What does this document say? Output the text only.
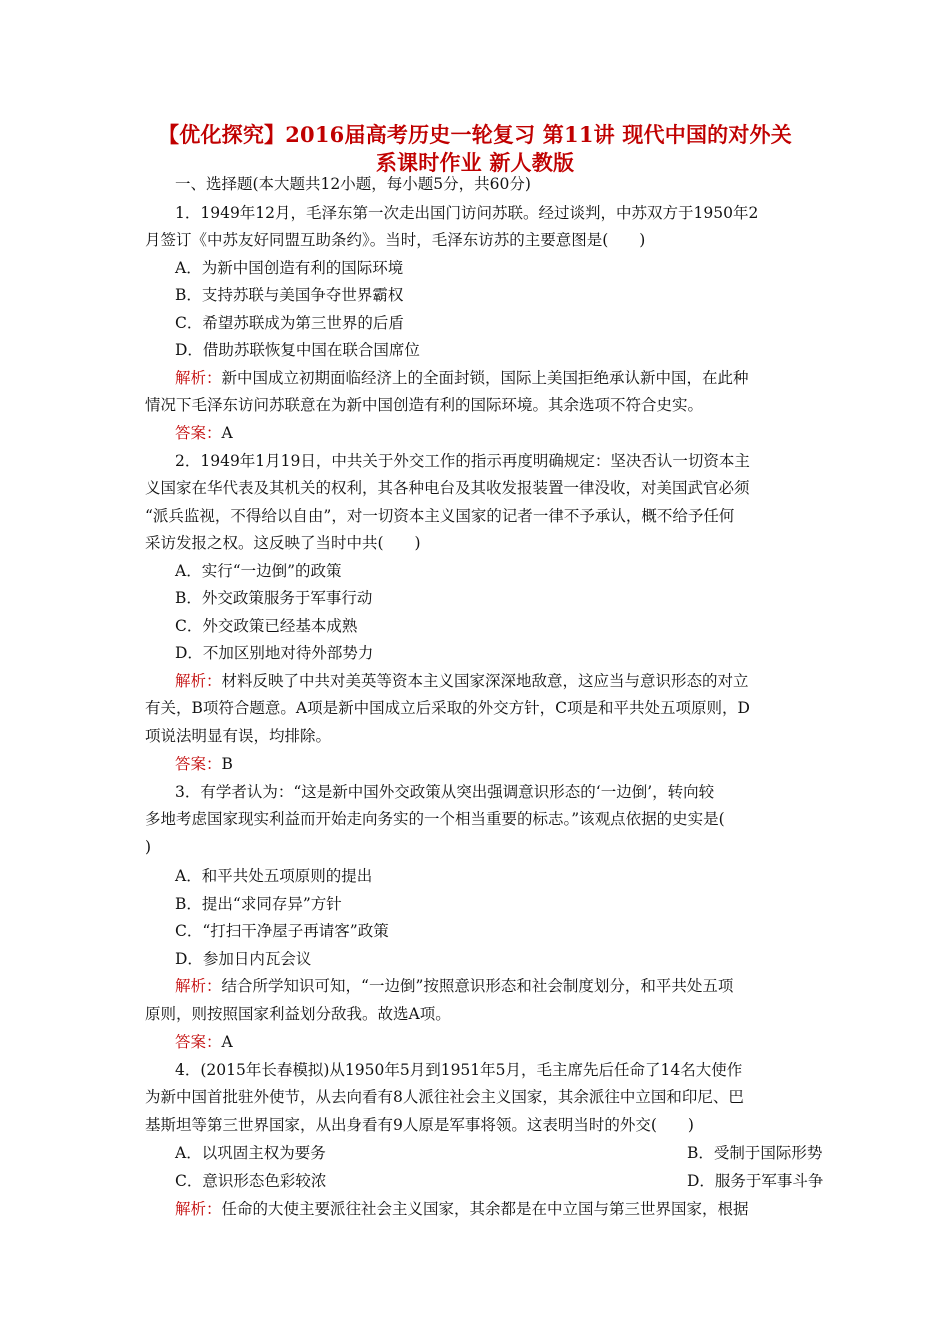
【优化探究】2016届高考历史一轮复习 第11讲 现代中国的对外关
系课时作业 新人教版
一、选择题(本大题共12小题，每小题5分，共60分)
1．1949年12月，毛泽东第一次走出国门访问苏联。经过谈判，中苏双方于1950年2
月签订《中苏友好同盟互助条约》。当时，毛泽东访苏的主要意图是(　　)
A．为新中国创造有利的国际环境
B．支持苏联与美国争夺世界霸权
C．希望苏联成为第三世界的后盾
D．借助苏联恢复中国在联合国席位
解析：新中国成立初期面临经济上的全面封锁，国际上美国拒绝承认新中国，在此种
情况下毛泽东访问苏联意在为新中国创造有利的国际环境。其余选项不符合史实。
答案：A
2．1949年1月19日，中共关于外交工作的指示再度明确规定：坚决否认一切资本主
义国家在华代表及其机关的权利，其各种电台及其收发报装置一律没收，对美国武官必须
“派兵监视，不得给以自由”，对一切资本主义国家的记者一律不予承认，概不给予任何
采访发报之权。这反映了当时中共(　　)
A．实行“一边倒”的政策
B．外交政策服务于军事行动
C．外交政策已经基本成熟
D．不加区别地对待外部势力
解析：材料反映了中共对美英等资本主义国家深深地敌意，这应当与意识形态的对立
有关，B项符合题意。A项是新中国成立后采取的外交方针，C项是和平共处五项原则，D
项说法明显有误，均排除。
答案：B
3．有学者认为：“这是新中国外交政策从突出强调意识形态的‘一边倒’，转向较
多地考虑国家现实利益而开始走向务实的一个相当重要的标志。”该观点依据的史实是(
)
A．和平共处五项原则的提出
B．提出“求同存异”方针
C．“打扫干净屋子再请客”政策
D．参加日内瓦会议
解析：结合所学知识可知，“一边倒”按照意识形态和社会制度划分，和平共处五项
原则，则按照国家利益划分敌我。故选A项。
答案：A
4．(2015年长春模拟)从1950年5月到1951年5月，毛主席先后任命了14名大使作
为新中国首批驻外使节，从去向看有8人派往社会主义国家，其余派往中立国和印尼、巴
基斯坦等第三世界国家，从出身看有9人原是军事将领。这表明当时的外交(　　)
A．以巩固主权为要务	B．受制于国际形势
C．意识形态色彩较浓	D．服务于军事斗争
解析：任命的大使主要派往社会主义国家，其余都是在中立国与第三世界国家，根据
